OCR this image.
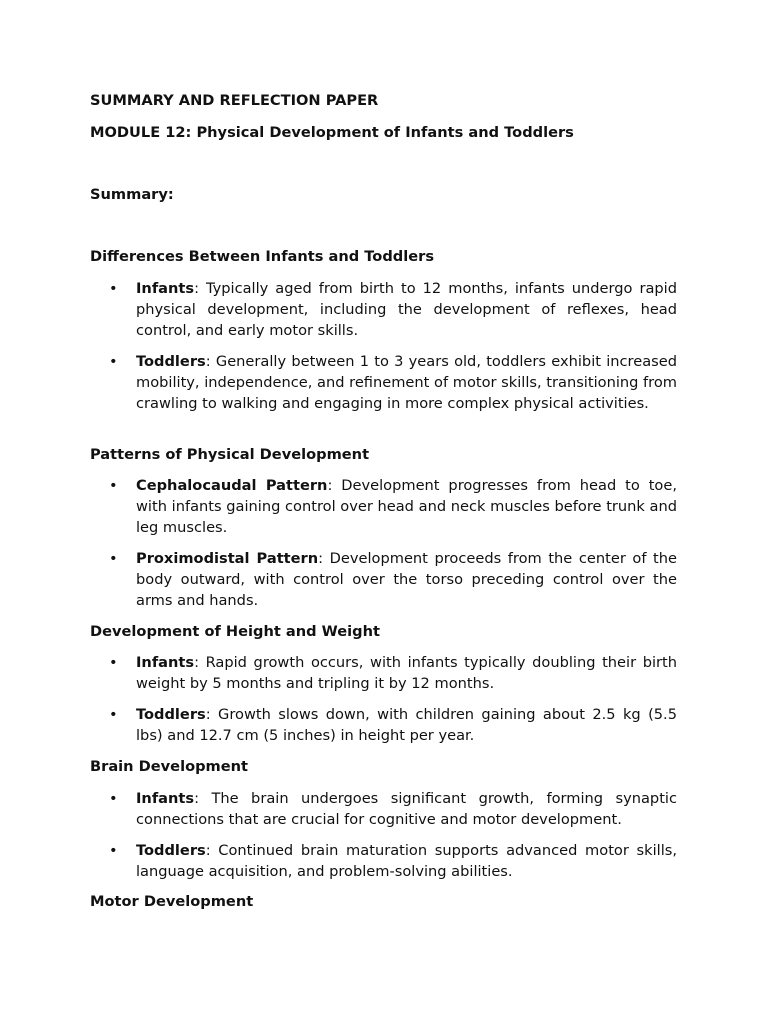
SUMMARY AND REFLECTION PAPER
MODULE 12: Physical Development of Infants and Toddlers
Summary:
Differences Between Infants and Toddlers
• Infants: Typically aged from birth to 12 months, infants undergo rapid physical development, including the development of reflexes, head control, and early motor skills.
• Toddlers: Generally between 1 to 3 years old, toddlers exhibit increased mobility, independence, and refinement of motor skills, transitioning from crawling to walking and engaging in more complex physical activities.
Patterns of Physical Development
• Cephalocaudal Pattern: Development progresses from head to toe, with infants gaining control over head and neck muscles before trunk and leg muscles.
• Proximodistal Pattern: Development proceeds from the center of the body outward, with control over the torso preceding control over the arms and hands.
Development of Height and Weight
• Infants: Rapid growth occurs, with infants typically doubling their birth weight by 5 months and tripling it by 12 months.
• Toddlers: Growth slows down, with children gaining about 2.5 kg (5.5 lbs) and 12.7 cm (5 inches) in height per year.
Brain Development
• Infants: The brain undergoes significant growth, forming synaptic connections that are crucial for cognitive and motor development.
• Toddlers: Continued brain maturation supports advanced motor skills, language acquisition, and problem-solving abilities.
Motor Development
